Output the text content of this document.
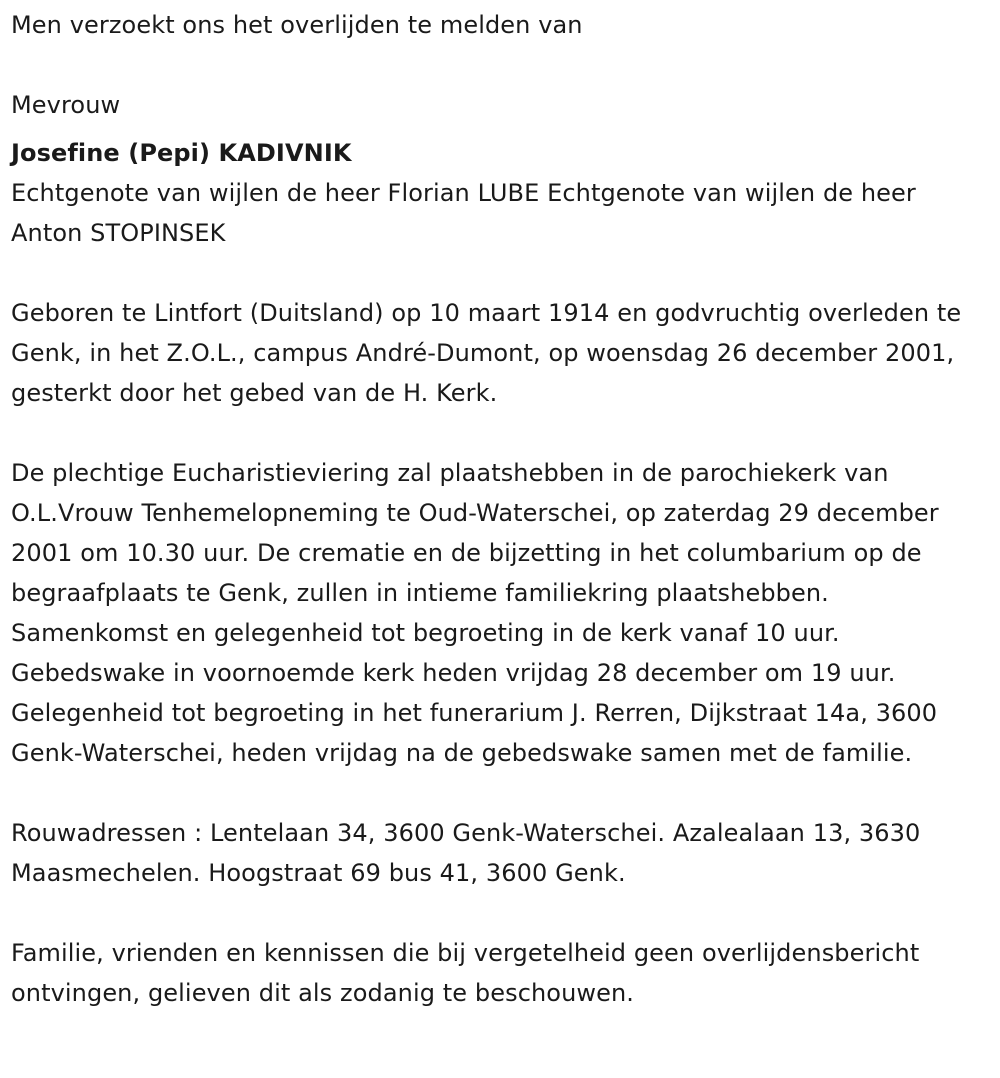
Men verzoekt ons het overlijden te melden van

Mevrouw

Josefine (Pepi) KADIVNIK

Echtgenote van wijlen de heer Florian LUBE Echtgenote van wijlen de heer Anton STOPINSEK

Geboren te Lintfort (Duitsland) op 10 maart 1914 en godvruchtig overleden te Genk, in het Z.O.L., campus André-Dumont, op woensdag 26 december 2001, gesterkt door het gebed van de H. Kerk.

De plechtige Eucharistieviering zal plaatshebben in de parochiekerk van O.L.Vrouw Tenhemelopneming te Oud-Waterschei, op zaterdag 29 december 2001 om 10.30 uur. De crematie en de bijzetting in het columbarium op de begraafplaats te Genk, zullen in intieme familiekring plaatshebben. Samenkomst en gelegenheid tot begroeting in de kerk vanaf 10 uur. Gebedswake in voornoemde kerk heden vrijdag 28 december om 19 uur. Gelegenheid tot begroeting in het funerarium J. Rerren, Dijkstraat 14a, 3600 Genk-Waterschei, heden vrijdag na de gebedswake samen met de familie.

Rouwadressen : Lentelaan 34, 3600 Genk-Waterschei. Azalealaan 13, 3630 Maasmechelen. Hoogstraat 69 bus 41, 3600 Genk.

Familie, vrienden en kennissen die bij vergetelheid geen overlijdensbericht ontvingen, gelieven dit als zodanig te beschouwen.
